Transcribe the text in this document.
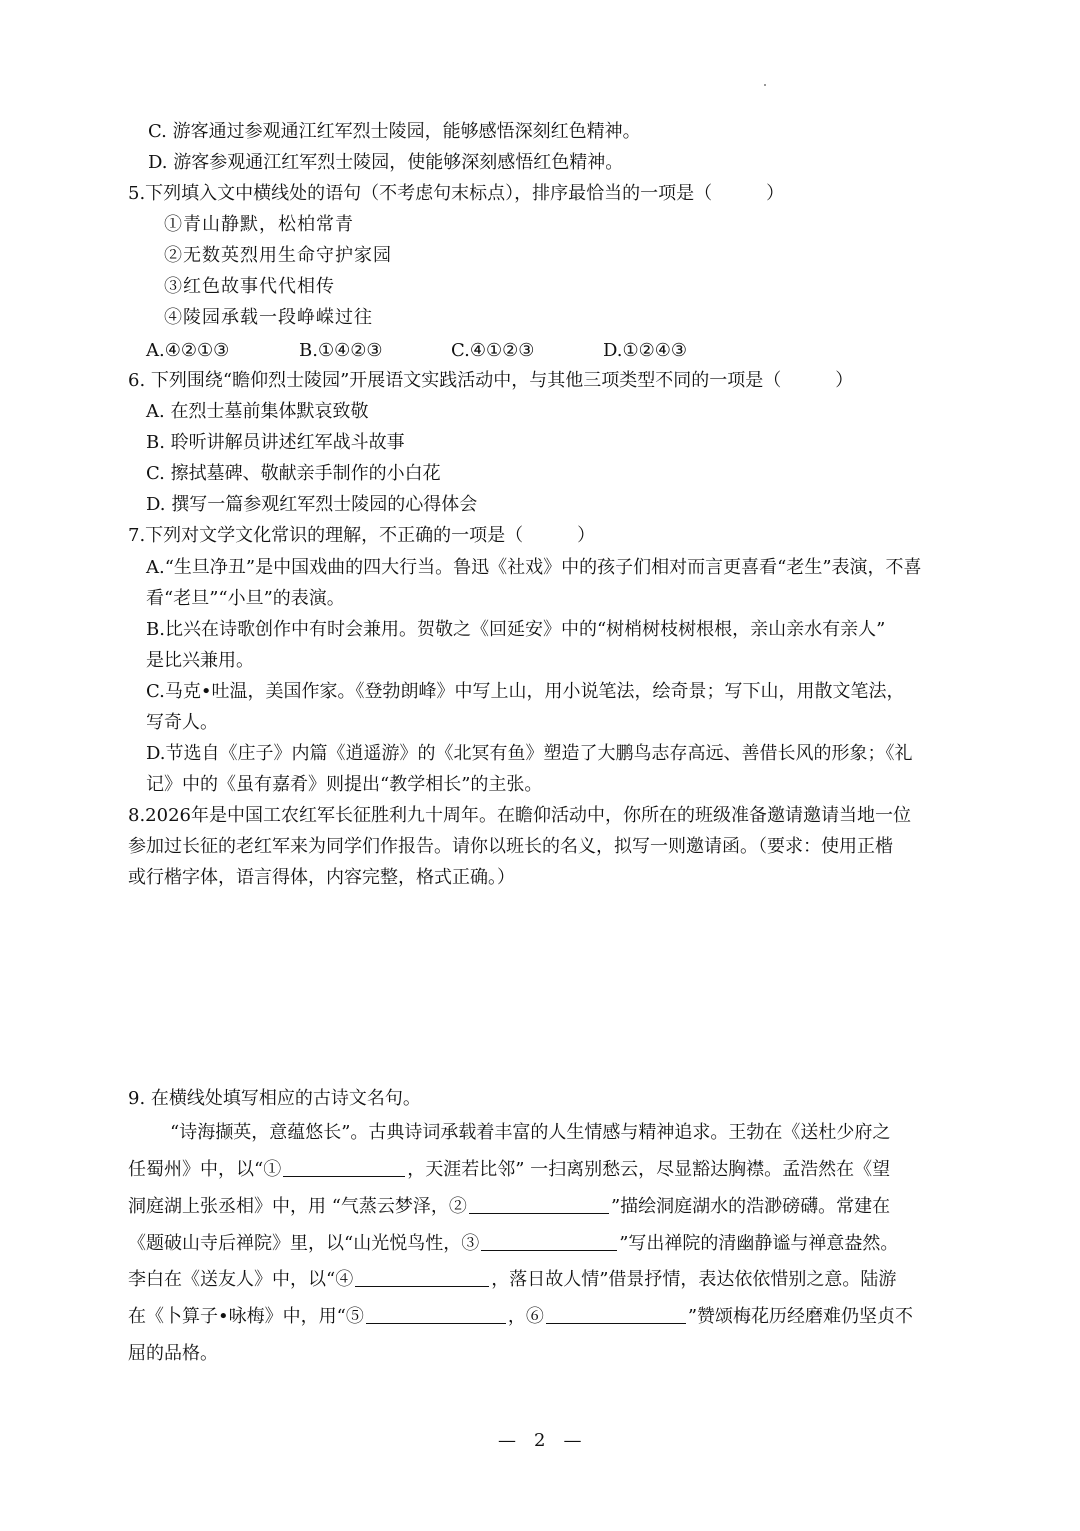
C. 游客通过参观通江红军烈士陵园，能够感悟深刻红色精神。
D. 游客参观通江红军烈士陵园，使能够深刻感悟红色精神。
5.下列填入文中横线处的语句（不考虑句末标点），排序最恰当的一项是（　　　）
①青山静默，松柏常青
②无数英烈用生命守护家园
③红色故事代代相传
④陵园承载一段峥嵘过往
A.④②①③	B.①④②③	C.④①②③	D.①②④③
6. 下列围绕“瞻仰烈士陵园”开展语文实践活动中，与其他三项类型不同的一项是（　　　）
A. 在烈士墓前集体默哀致敬
B. 聆听讲解员讲述红军战斗故事
C. 擦拭墓碑、敬献亲手制作的小白花
D. 撰写一篇参观红军烈士陵园的心得体会
7.下列对文学文化常识的理解，不正确的一项是（　　　）
A.“生旦净丑”是中国戏曲的四大行当。鲁迅《社戏》中的孩子们相对而言更喜看“老生”表演，不喜
看“老旦”“小旦”的表演。
B.比兴在诗歌创作中有时会兼用。贺敬之《回延安》中的“树梢树枝树根根，亲山亲水有亲人”
是比兴兼用。
C.马克•吐温，美国作家。《登勃朗峰》中写上山，用小说笔法，绘奇景；写下山，用散文笔法，
写奇人。
D.节选自《庄子》内篇《逍遥游》的《北冥有鱼》塑造了大鹏鸟志存高远、善借长风的形象；《礼
记》中的《虽有嘉肴》则提出“教学相长”的主张。
8.2026年是中国工农红军长征胜利九十周年。在瞻仰活动中，你所在的班级准备邀请邀请当地一位
参加过长征的老红军来为同学们作报告。请你以班长的名义，拟写一则邀请函。（要求：使用正楷
或行楷字体，语言得体，内容完整，格式正确。）
9. 在横线处填写相应的古诗文名句。
“诗海撷英，意蕴悠长”。古典诗词承载着丰富的人生情感与精神追求。王勃在《送杜少府之
任蜀州》中，以“①	，天涯若比邻” 一扫离别愁云，尽显豁达胸襟。孟浩然在《望
洞庭湖上张丞相》中，用 “气蒸云梦泽，②	”描绘洞庭湖水的浩渺磅礴。常建在
《题破山寺后禅院》里，以“山光悦鸟性，③	”写出禅院的清幽静谧与禅意盎然。
李白在《送友人》中，以“④	，落日故人情”借景抒情，表达依依惜别之意。陆游
在《卜算子•咏梅》中，用“⑤	，⑥	”赞颂梅花历经磨难仍坚贞不
屈的品格。
—　2　—
